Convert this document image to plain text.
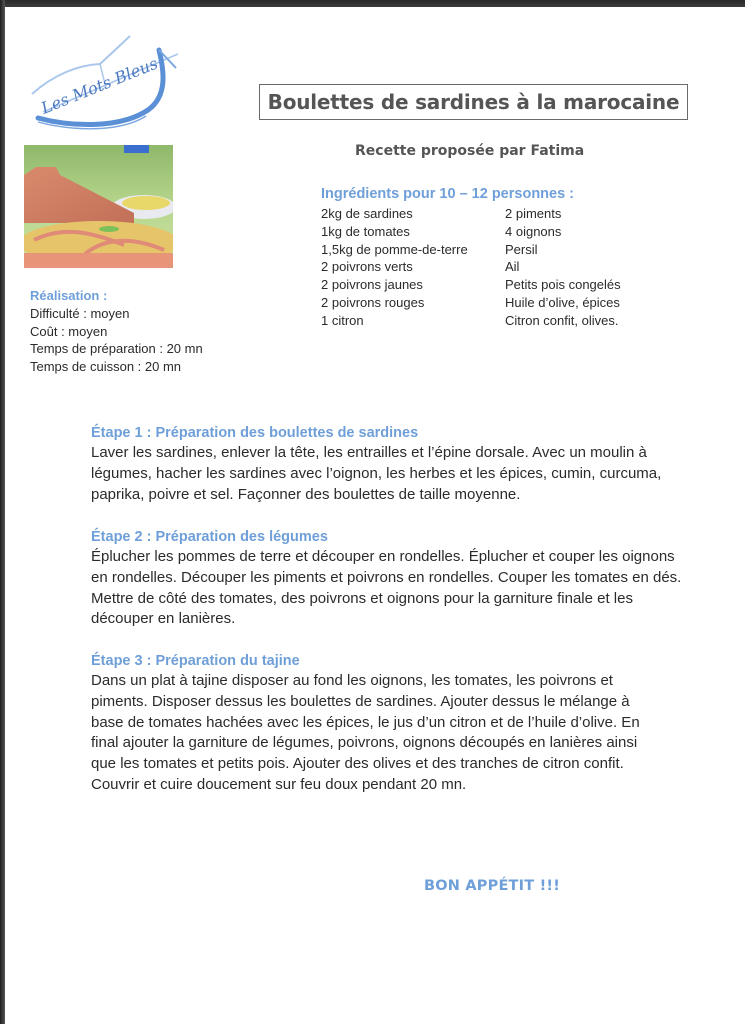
Les Mots Bleus	Boulettes de sardines à la marocaine
Recette proposée par Fatima
Ingrédients pour 10 – 12 personnes :
2kg de sardines
1kg de tomates
1,5kg de pomme-de-terre
2 poivrons verts
2 poivrons jaunes
2 poivrons rouges
1 citron
2 piments
4 oignons
Persil
Ail
Petits pois congelés
Huile d’olive, épices
Citron confit, olives.
Réalisation :
Difficulté : moyen
Coût : moyen
Temps de préparation : 20 mn
Temps de cuisson : 20 mn
Étape 1 : Préparation des boulettes de sardines

Laver les sardines, enlever la tête, les entrailles et l’épine dorsale. Avec un moulin à
légumes, hacher les sardines avec l’oignon, les herbes et les épices, cumin, curcuma,
paprika, poivre et sel. Façonner des boulettes de taille moyenne.

Étape 2 : Préparation des légumes

Éplucher les pommes de terre et découper en rondelles. Éplucher et couper les oignons
en rondelles. Découper les piments et poivrons en rondelles. Couper les tomates en dés.
Mettre de côté des tomates, des poivrons et oignons pour la garniture finale et les
découper en lanières.

Étape 3 : Préparation du tajine

Dans un plat à tajine disposer au fond les oignons, les tomates, les poivrons et
piments. Disposer dessus les boulettes de sardines. Ajouter dessus le mélange à
base de tomates hachées avec les épices, le jus d’un citron et de l’huile d’olive. En
final ajouter la garniture de légumes, poivrons, oignons découpés en lanières ainsi
que les tomates et petits pois. Ajouter des olives et des tranches de citron confit.
Couvrir et cuire doucement sur feu doux pendant 20 mn.

BON APPÉTIT !!!
